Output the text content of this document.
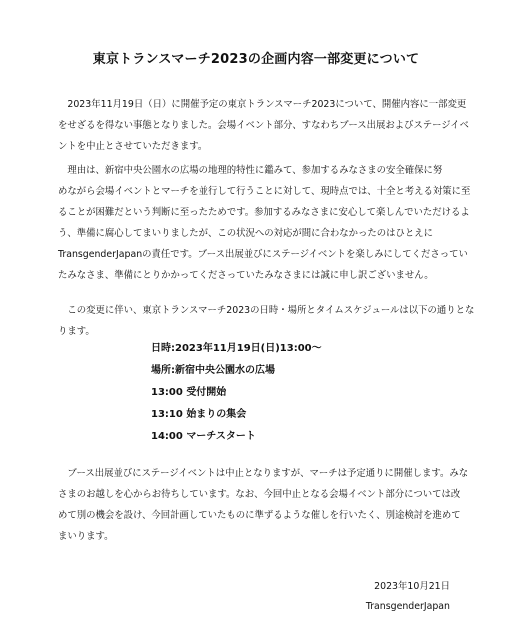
東京トランスマーチ2023の企画内容一部変更について
　2023年11月19日（日）に開催予定の東京トランスマーチ2023について、開催内容に一部変更
をせざるを得ない事態となりました。会場イベント部分、すなわちブース出展およびステージイベ
ントを中止とさせていただきます。
　理由は、新宿中央公園水の広場の地理的特性に鑑みて、参加するみなさまの安全確保に努
めながら会場イベントとマーチを並行して行うことに対して、現時点では、十全と考える対策に至
ることが困難だという判断に至ったためです。参加するみなさまに安心して楽しんでいただけるよ
う、準備に腐心してまいりましたが、この状況への対応が間に合わなかったのはひとえに
TransgenderJapanの責任です。ブース出展並びにステージイベントを楽しみにしてくださってい
たみなさま、準備にとりかかってくださっていたみなさまには誠に申し訳ございません。
　この変更に伴い、東京トランスマーチ2023の日時・場所とタイムスケジュールは以下の通りとな
ります。
日時:2023年11月19日(日)13:00～
場所:新宿中央公園水の広場
13:00 受付開始
13:10 始まりの集会
14:00 マーチスタート
　ブース出展並びにステージイベントは中止となりますが、マーチは予定通りに開催します。みな
さまのお越しを心からお待ちしています。なお、今回中止となる会場イベント部分については改
めて別の機会を設け、今回計画していたものに準ずるような催しを行いたく、別途検討を進めて
まいります。
2023年10月21日
TransgenderJapan
